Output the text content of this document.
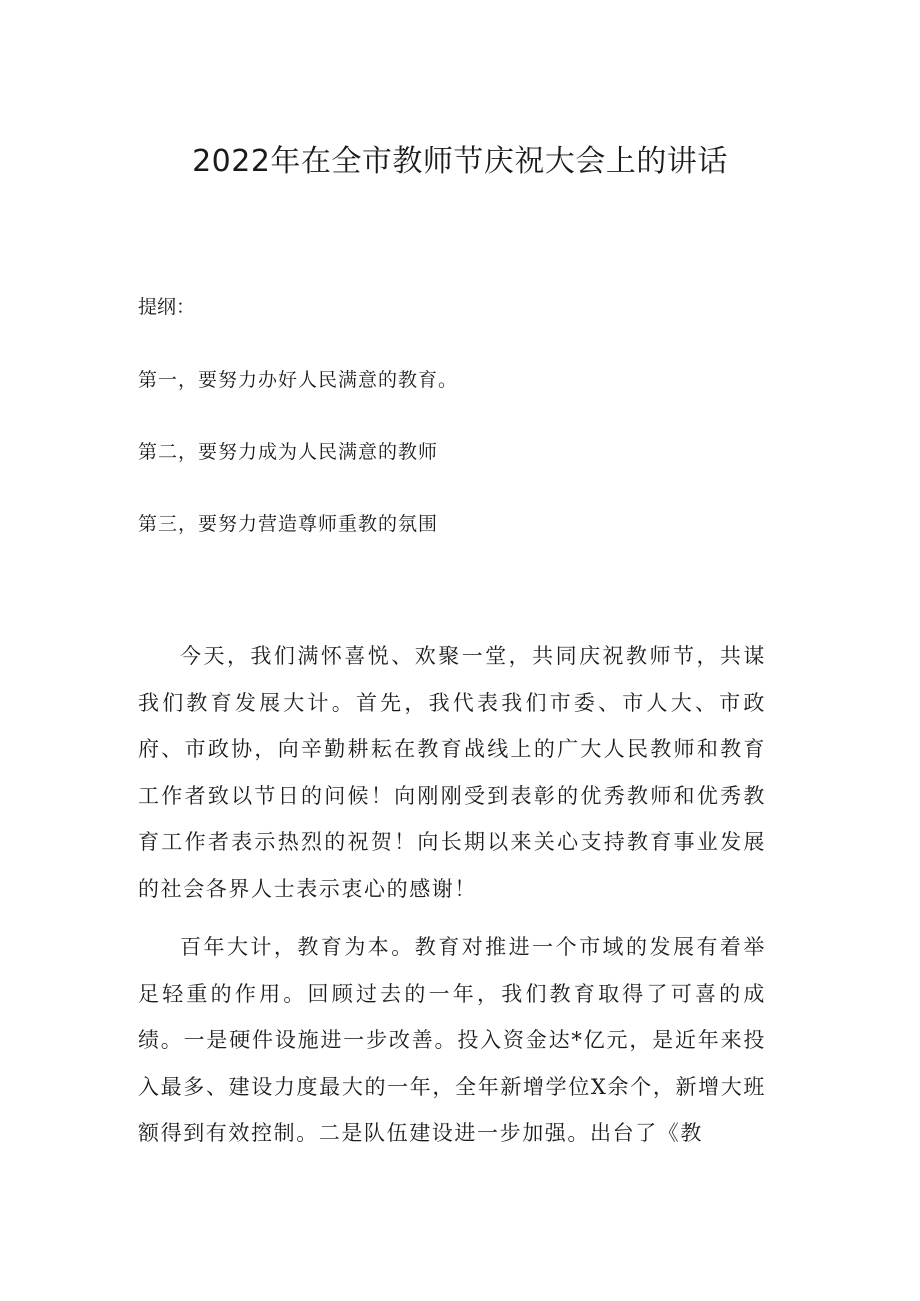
2022年在全市教师节庆祝大会上的讲话

提纲：

第一，要努力办好人民满意的教育。
第二，要努力成为人民满意的教师
第三，要努力营造尊师重教的氛围

今天，我们满怀喜悦、欢聚一堂，共同庆祝教师节，共谋我们教育发展大计。首先，我代表我们市委、市人大、市政府、市政协，向辛勤耕耘在教育战线上的广大人民教师和教育工作者致以节日的问候！向刚刚受到表彰的优秀教师和优秀教育工作者表示热烈的祝贺！向长期以来关心支持教育事业发展的社会各界人士表示衷心的感谢！

百年大计，教育为本。教育对推进一个市域的发展有着举足轻重的作用。回顾过去的一年，我们教育取得了可喜的成绩。一是硬件设施进一步改善。投入资金达*亿元，是近年来投入最多、建设力度最大的一年，全年新增学位X余个，新增大班额得到有效控制。二是队伍建设进一步加强。出台了《教
